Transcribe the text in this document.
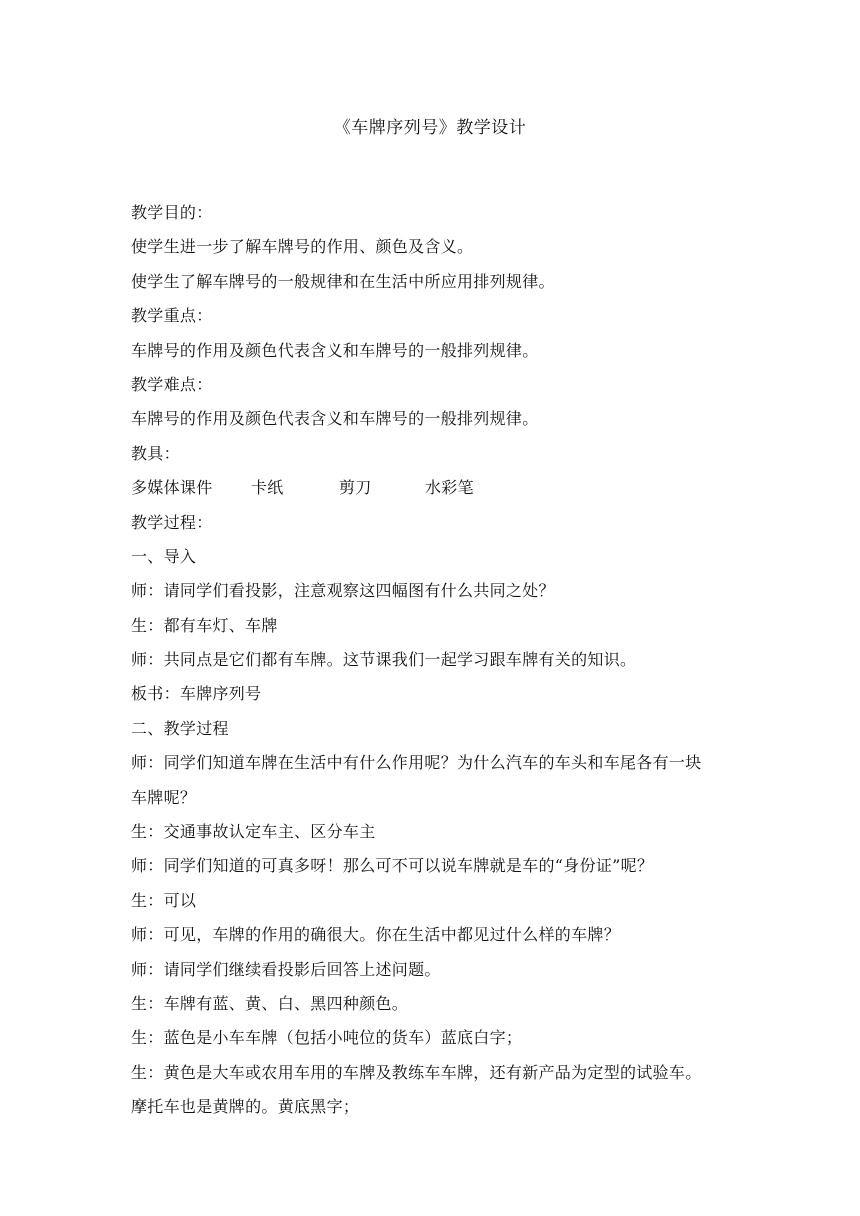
《车牌序列号》教学设计
教学目的：
使学生进一步了解车牌号的作用、颜色及含义。
使学生了解车牌号的一般规律和在生活中所应用排列规律。
教学重点：
车牌号的作用及颜色代表含义和车牌号的一般排列规律。
教学难点：
车牌号的作用及颜色代表含义和车牌号的一般排列规律。
教具：
多媒体课件 卡纸	剪刀	水彩笔
教学过程：
一、导入
师：请同学们看投影，注意观察这四幅图有什么共同之处？
生：都有车灯、车牌
师：共同点是它们都有车牌。这节课我们一起学习跟车牌有关的知识。
板书：车牌序列号
二、教学过程
师：同学们知道车牌在生活中有什么作用呢？为什么汽车的车头和车尾各有一块
车牌呢？
生：交通事故认定车主、区分车主
师：同学们知道的可真多呀！那么可不可以说车牌就是车的“身份证”呢？
生：可以
师：可见，车牌的作用的确很大。你在生活中都见过什么样的车牌？
师：请同学们继续看投影后回答上述问题。
生：车牌有蓝、黄、白、黑四种颜色。
生：蓝色是小车车牌（包括小吨位的货车）蓝底白字；
生：黄色是大车或农用车用的车牌及教练车车牌，还有新产品为定型的试验车。
摩托车也是黄牌的。黄底黑字；
